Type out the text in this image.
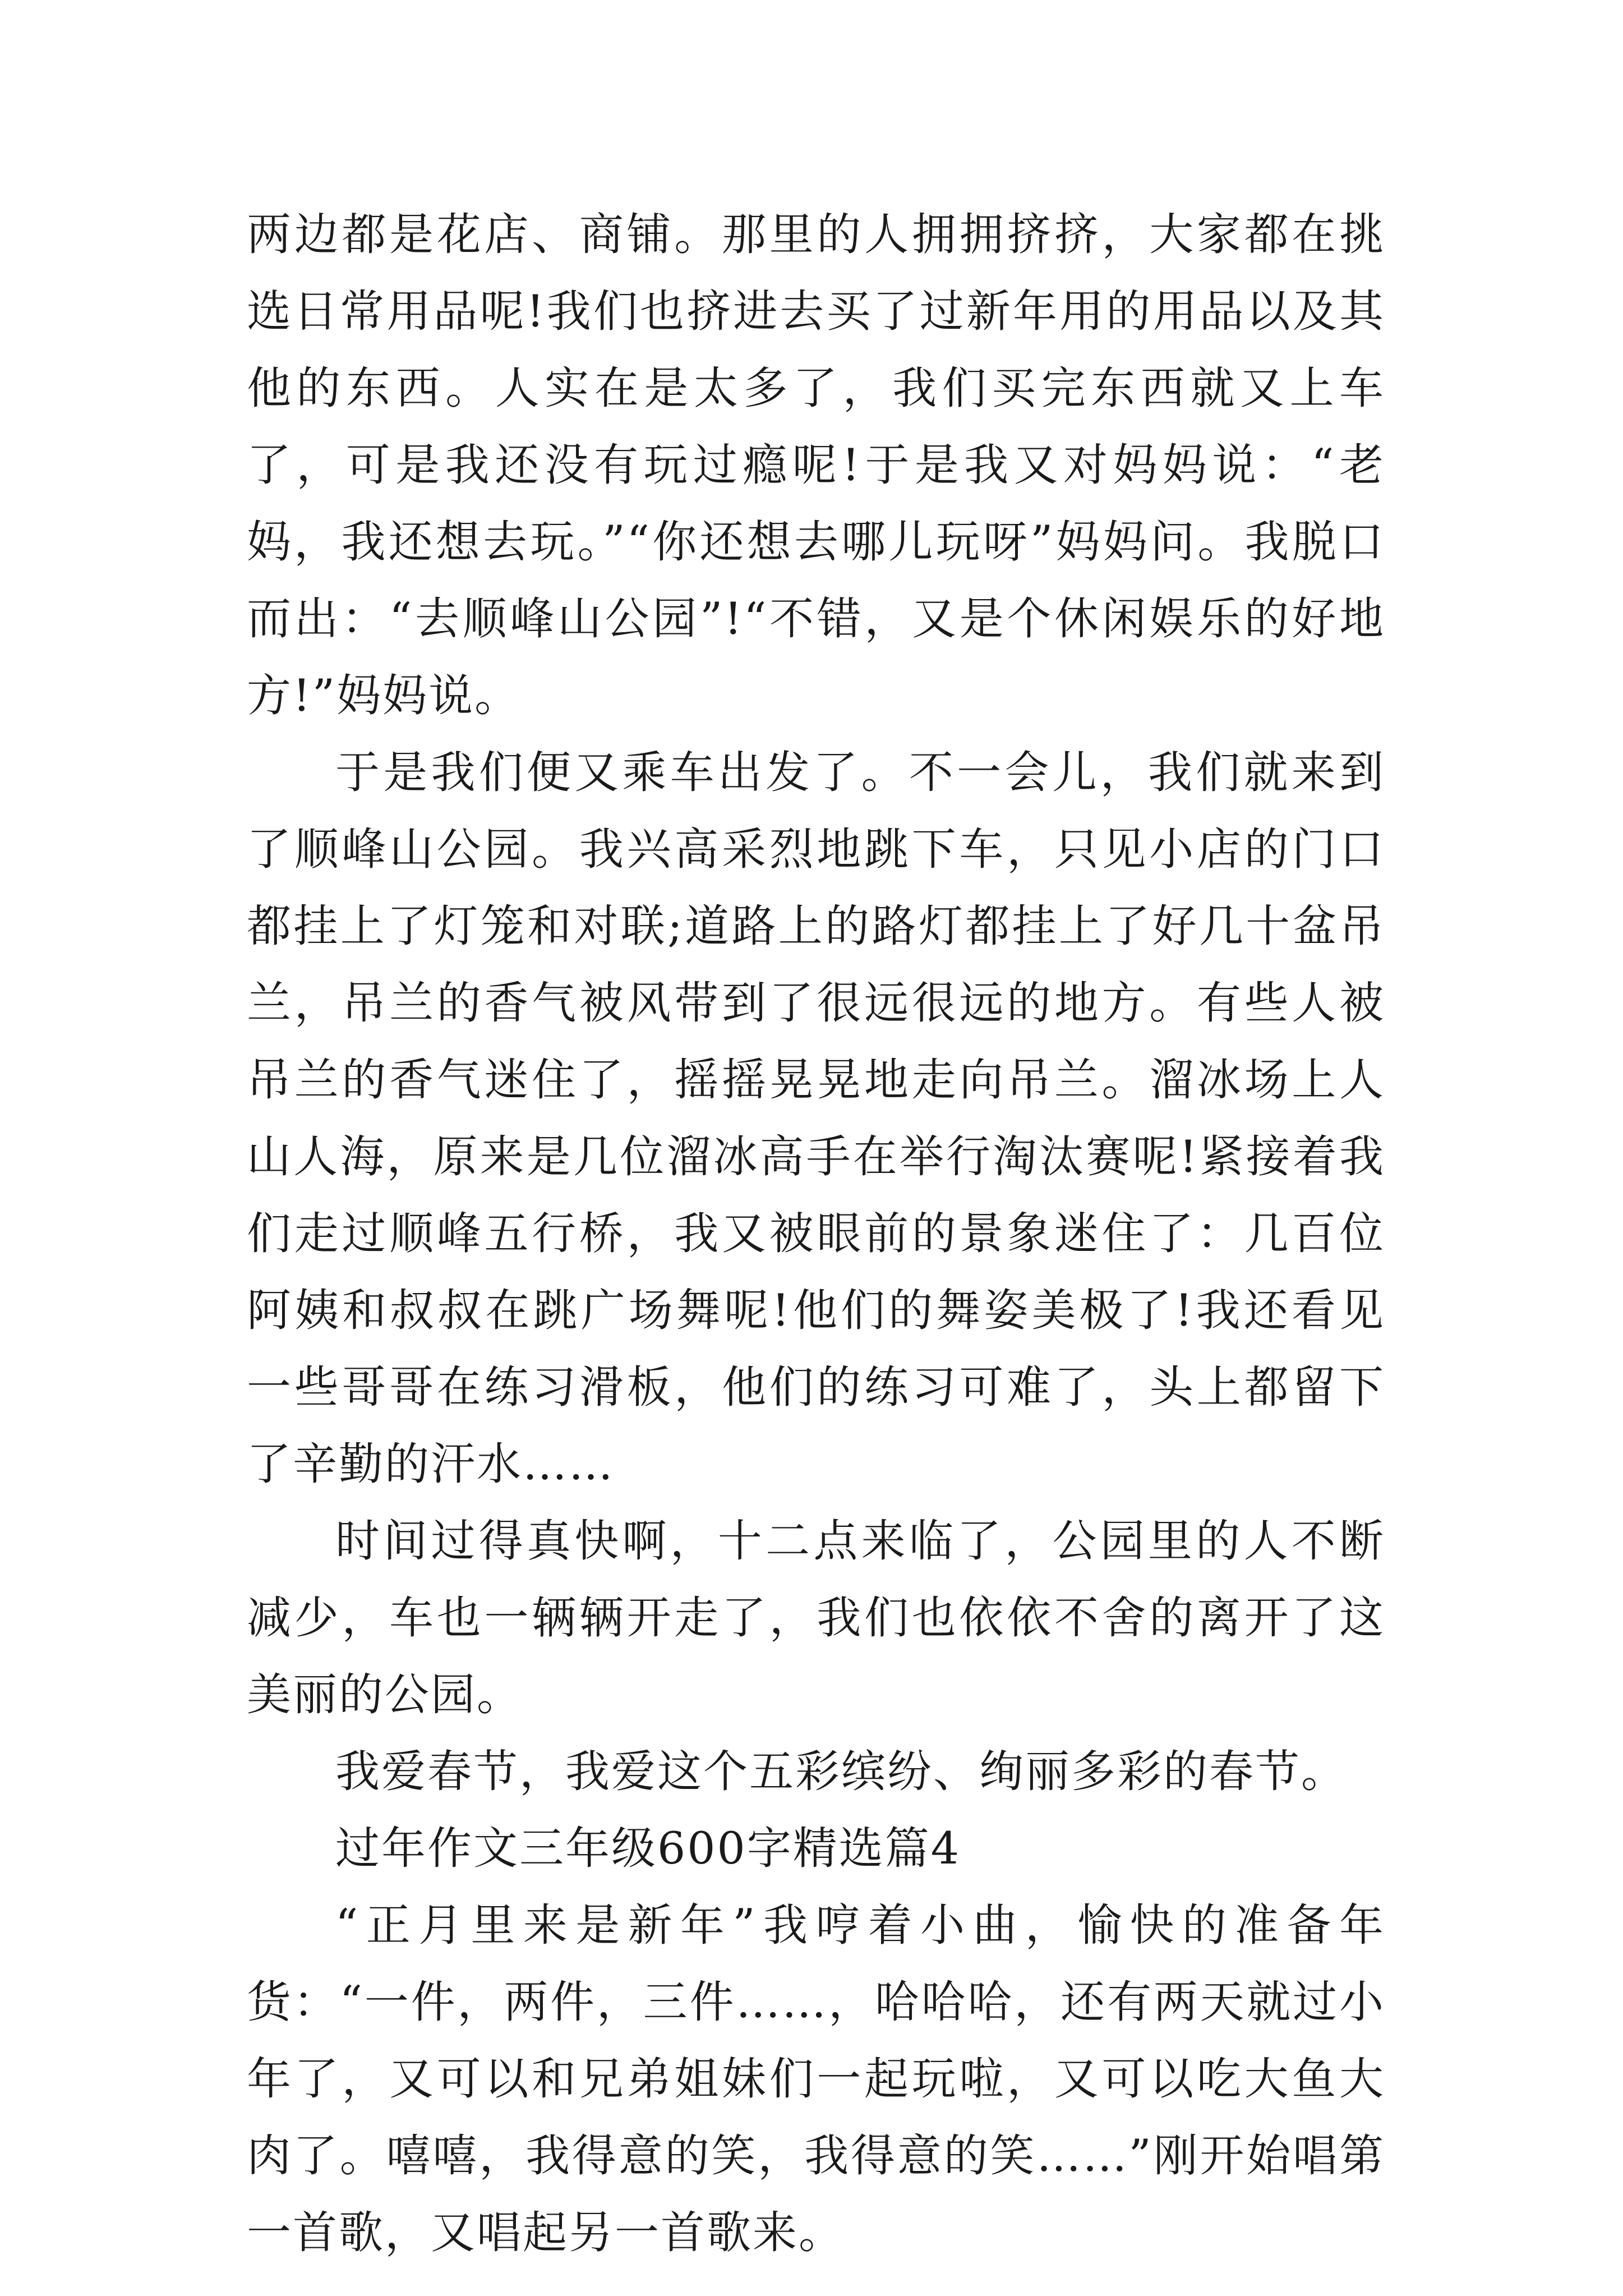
两边都是花店、商铺。那里的人拥拥挤挤，大家都在挑选日常用品呢!我们也挤进去买了过新年用的用品以及其他的东西。人实在是太多了，我们买完东西就又上车了，可是我还没有玩过瘾呢!于是我又对妈妈说：“老妈，我还想去玩。”“你还想去哪儿玩呀”妈妈问。我脱口而出：“去顺峰山公园”!“不错，又是个休闲娱乐的好地方!”妈妈说。

于是我们便又乘车出发了。不一会儿，我们就来到了顺峰山公园。我兴高采烈地跳下车，只见小店的门口都挂上了灯笼和对联;道路上的路灯都挂上了好几十盆吊兰，吊兰的香气被风带到了很远很远的地方。有些人被吊兰的香气迷住了，摇摇晃晃地走向吊兰。溜冰场上人山人海，原来是几位溜冰高手在举行淘汰赛呢!紧接着我们走过顺峰五行桥，我又被眼前的景象迷住了：几百位阿姨和叔叔在跳广场舞呢!他们的舞姿美极了!我还看见一些哥哥在练习滑板，他们的练习可难了，头上都留下了辛勤的汗水……

时间过得真快啊，十二点来临了，公园里的人不断减少，车也一辆辆开走了，我们也依依不舍的离开了这美丽的公园。

我爱春节，我爱这个五彩缤纷、绚丽多彩的春节。

过年作文三年级600字精选篇4

“正月里来是新年”我哼着小曲，愉快的准备年货：“一件，两件，三件……，哈哈哈，还有两天就过小年了，又可以和兄弟姐妹们一起玩啦，又可以吃大鱼大肉了。嘻嘻，我得意的笑，我得意的笑……”刚开始唱第一首歌，又唱起另一首歌来。
